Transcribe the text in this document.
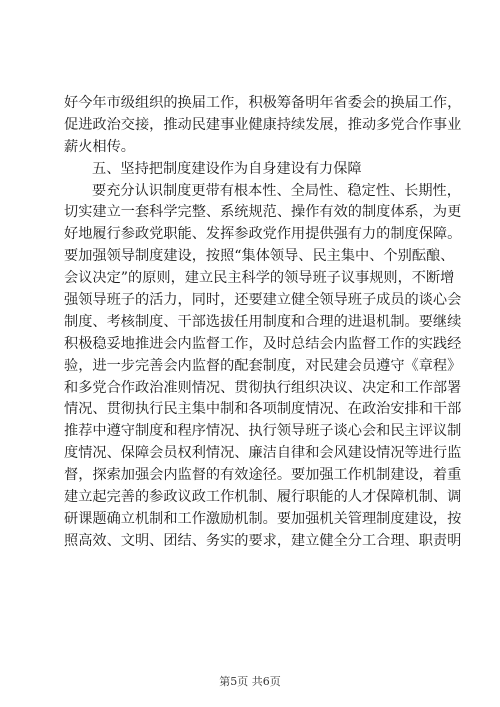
好今年市级组织的换届工作，积极筹备明年省委会的换届工作，
促进政治交接，推动民建事业健康持续发展，推动多党合作事业
薪火相传。
五、坚持把制度建设作为自身建设有力保障
要充分认识制度更带有根本性、全局性、稳定性、长期性，
切实建立一套科学完整、系统规范、操作有效的制度体系，为更
好地履行参政党职能、发挥参政党作用提供强有力的制度保障。
要加强领导制度建设，按照“集体领导、民主集中、个别酝酿、
会议决定”的原则，建立民主科学的领导班子议事规则，不断增
强领导班子的活力，同时，还要建立健全领导班子成员的谈心会
制度、考核制度、干部选拔任用制度和合理的进退机制。要继续
积极稳妥地推进会内监督工作，及时总结会内监督工作的实践经
验，进一步完善会内监督的配套制度，对民建会员遵守《章程》
和多党合作政治准则情况、贯彻执行组织决议、决定和工作部署
情况、贯彻执行民主集中制和各项制度情况、在政治安排和干部
推荐中遵守制度和程序情况、执行领导班子谈心会和民主评议制
度情况、保障会员权利情况、廉洁自律和会风建设情况等进行监
督，探索加强会内监督的有效途径。要加强工作机制建设，着重
建立起完善的参政议政工作机制、履行职能的人才保障机制、调
研课题确立机制和工作激励机制。要加强机关管理制度建设，按
照高效、文明、团结、务实的要求，建立健全分工合理、职责明
第5页 共6页
